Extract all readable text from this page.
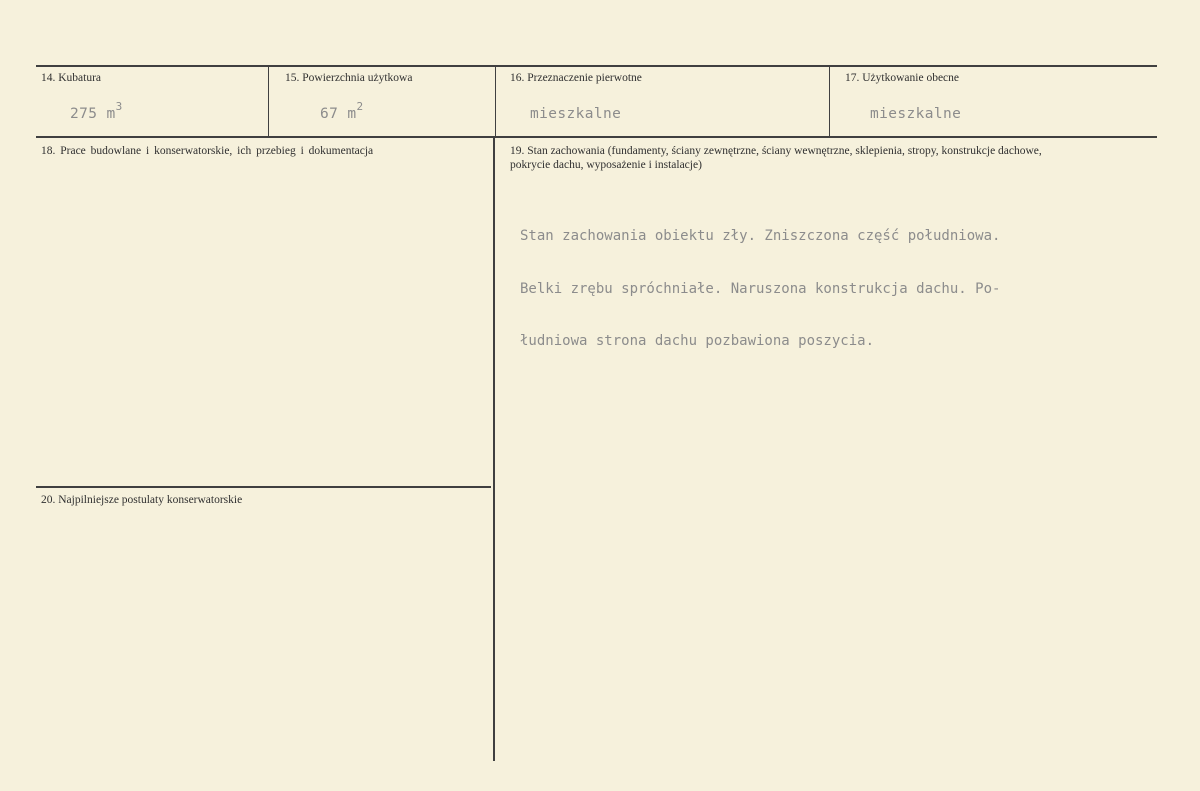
14. Kubatura
275 $m^3$
15. Powierzchnia użytkowa
67 $m^2$
16. Przeznaczenie pierwotne
mieszkalne
17. Użytkowanie obecne
mieszkalne
18. Prace budowlane i konserwatorskie, ich przebieg i dokumentacja	19. Stan zachowania (fundamenty, ściany zewnętrzne, ściany wewnętrzne, sklepienia, stropy, konstrukcje dachowe, pokrycie dachu, wyposażenie i instalacje)

Stan zachowania obiektu zły. Zniszczona część południowa.

Belki zrębu spróchniałe. Naruszona konstrukcja dachu. Po-

łudniowa strona dachu pozbawiona poszycia.

20. Najpilniejsze postulaty konserwatorskie
